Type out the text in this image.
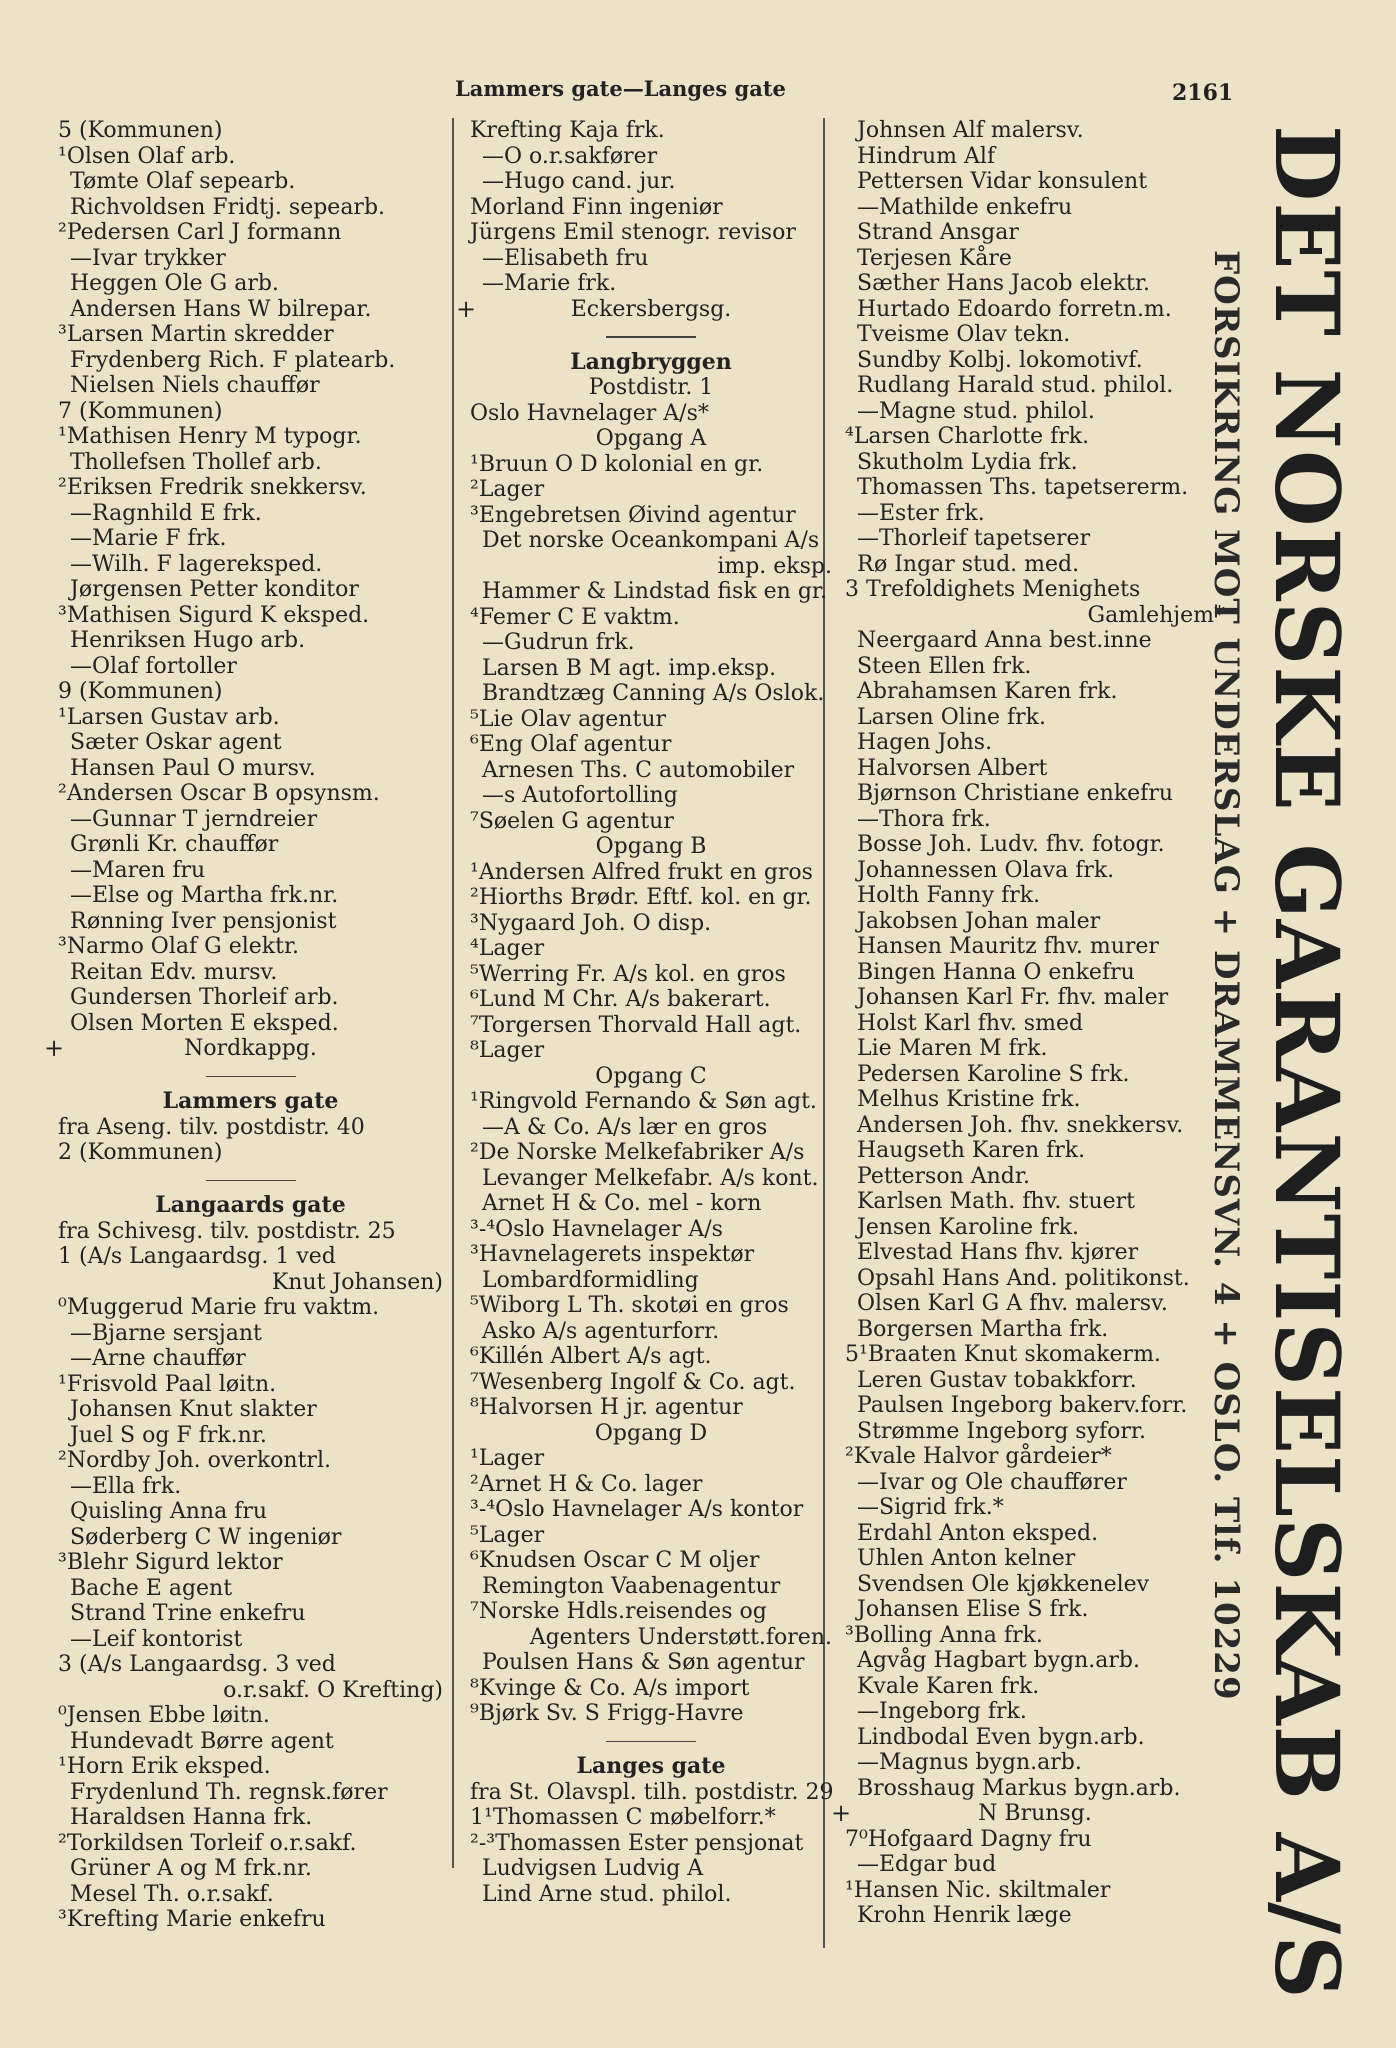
Lammers gate—Langes gate	2161
5 (Kommunen)
¹Olsen Olaf arb.
Tømte Olaf sepearb.
Richvoldsen Fridtj. sepearb.
²Pedersen Carl J formann
—Ivar trykker
Heggen Ole G arb.
Andersen Hans W bilrepar.
³Larsen Martin skredder
Frydenberg Rich. F platearb.
Nielsen Niels chauffør
7 (Kommunen)
¹Mathisen Henry M typogr.
Thollefsen Thollef arb.
²Eriksen Fredrik snekkersv.
—Ragnhild E frk.
—Marie F frk.
—Wilh. F lagereksped.
Jørgensen Petter konditor
³Mathisen Sigurd K eksped.
Henriksen Hugo arb.
—Olaf fortoller
9 (Kommunen)
¹Larsen Gustav arb.
Sæter Oskar agent
Hansen Paul O mursv.
²Andersen Oscar B opsynsm.
—Gunnar T jerndreier
Grønli Kr. chauffør
—Maren fru
—Else og Martha frk.nr.
Rønning Iver pensjonist
³Narmo Olaf G elektr.
Reitan Edv. mursv.
Gundersen Thorleif arb.
Olsen Morten E eksped.
+	Nordkappg.
Lammers gate
fra Aseng. tilv. postdistr. 40
2 (Kommunen)
Langaards gate
fra Schivesg. tilv. postdistr. 25
1 (A/s Langaardsg. 1 ved
Knut Johansen)
⁰Muggerud Marie fru vaktm.
—Bjarne sersjant
—Arne chauffør
¹Frisvold Paal løitn.
Johansen Knut slakter
Juel S og F frk.nr.
²Nordby Joh. overkontrl.
—Ella frk.
Quisling Anna fru
Søderberg C W ingeniør
³Blehr Sigurd lektor
Bache E agent
Strand Trine enkefru
—Leif kontorist
3 (A/s Langaardsg. 3 ved
o.r.sakf. O Krefting)
⁰Jensen Ebbe løitn.
Hundevadt Børre agent
¹Horn Erik eksped.
Frydenlund Th. regnsk.fører
Haraldsen Hanna frk.
²Torkildsen Torleif o.r.sakf.
Grüner A og M frk.nr.
Mesel Th. o.r.sakf.
³Krefting Marie enkefru
Krefting Kaja frk.
—O o.r.sakfører
—Hugo cand. jur.
Morland Finn ingeniør
Jürgens Emil stenogr. revisor
—Elisabeth fru
—Marie frk.
+	Eckersbergsg.
Langbryggen
Postdistr. 1
Oslo Havnelager A/s*
Opgang A
¹Bruun O D kolonial en gr.
²Lager
³Engebretsen Øivind agentur
Det norske Oceankompani A/s
imp. eksp.
Hammer & Lindstad fisk en gr.
⁴Femer C E vaktm.
—Gudrun frk.
Larsen B M agt. imp.eksp.
Brandtzæg Canning A/s Oslok.
⁵Lie Olav agentur
⁶Eng Olaf agentur
Arnesen Ths. C automobiler
—s Autofortolling
⁷Søelen G agentur
Opgang B
¹Andersen Alfred frukt en gros
²Hiorths Brødr. Eftf. kol. en gr.
³Nygaard Joh. O disp.
⁴Lager
⁵Werring Fr. A/s kol. en gros
⁶Lund M Chr. A/s bakerart.
⁷Torgersen Thorvald Hall agt.
⁸Lager
Opgang C
¹Ringvold Fernando & Søn agt.
—A & Co. A/s lær en gros
²De Norske Melkefabriker A/s
Levanger Melkefabr. A/s kont.
Arnet H & Co. mel - korn
³-⁴Oslo Havnelager A/s
³Havnelagerets inspektør
Lombardformidling
⁵Wiborg L Th. skotøi en gros
Asko A/s agenturforr.
⁶Killén Albert A/s agt.
⁷Wesenberg Ingolf & Co. agt.
⁸Halvorsen H jr. agentur
Opgang D
¹Lager
²Arnet H & Co. lager
³-⁴Oslo Havnelager A/s kontor
⁵Lager
⁶Knudsen Oscar C M oljer
Remington Vaabenagentur
⁷Norske Hdls.reisendes og
Agenters Understøtt.foren.
Poulsen Hans & Søn agentur
⁸Kvinge & Co. A/s import
⁹Bjørk Sv. S Frigg-Havre
Langes gate
fra St. Olavspl. tilh. postdistr. 29
1¹Thomassen C møbelforr.*
²-³Thomassen Ester pensjonat
Ludvigsen Ludvig A
Lind Arne stud. philol.
Johnsen Alf malersv.
Hindrum Alf
Pettersen Vidar konsulent
—Mathilde enkefru
Strand Ansgar
Terjesen Kåre
Sæther Hans Jacob elektr.
Hurtado Edoardo forretn.m.
Tveisme Olav tekn.
Sundby Kolbj. lokomotivf.
Rudlang Harald stud. philol.
—Magne stud. philol.
⁴Larsen Charlotte frk.
Skutholm Lydia frk.
Thomassen Ths. tapetsererm.
—Ester frk.
—Thorleif tapetserer
Rø Ingar stud. med.
3 Trefoldighets Menighets
Gamlehjem*
Neergaard Anna best.inne
Steen Ellen frk.
Abrahamsen Karen frk.
Larsen Oline frk.
Hagen Johs.
Halvorsen Albert
Bjørnson Christiane enkefru
—Thora frk.
Bosse Joh. Ludv. fhv. fotogr.
Johannessen Olava frk.
Holth Fanny frk.
Jakobsen Johan maler
Hansen Mauritz fhv. murer
Bingen Hanna O enkefru
Johansen Karl Fr. fhv. maler
Holst Karl fhv. smed
Lie Maren M frk.
Pedersen Karoline S frk.
Melhus Kristine frk.
Andersen Joh. fhv. snekkersv.
Haugseth Karen frk.
Petterson Andr.
Karlsen Math. fhv. stuert
Jensen Karoline frk.
Elvestad Hans fhv. kjører
Opsahl Hans And. politikonst.
Olsen Karl G A fhv. malersv.
Borgersen Martha frk.
5¹Braaten Knut skomakerm.
Leren Gustav tobakkforr.
Paulsen Ingeborg bakerv.forr.
Strømme Ingeborg syforr.
²Kvale Halvor gårdeier*
—Ivar og Ole chauffører
—Sigrid frk.*
Erdahl Anton eksped.
Uhlen Anton kelner
Svendsen Ole kjøkkenelev
Johansen Elise S frk.
³Bolling Anna frk.
Agvåg Hagbart bygn.arb.
Kvale Karen frk.
—Ingeborg frk.
Lindbodal Even bygn.arb.
—Magnus bygn.arb.
Brosshaug Markus bygn.arb.
+	N Brunsg.
7⁰Hofgaard Dagny fru
—Edgar bud
¹Hansen Nic. skiltmaler
Krohn Henrik læge	DET NORSKE GARANTISELSKAB A/S
FORSIKRING MOT UNDERSLAG + DRAMMENSVN. 4 + OSLO. Tlf. 10229
